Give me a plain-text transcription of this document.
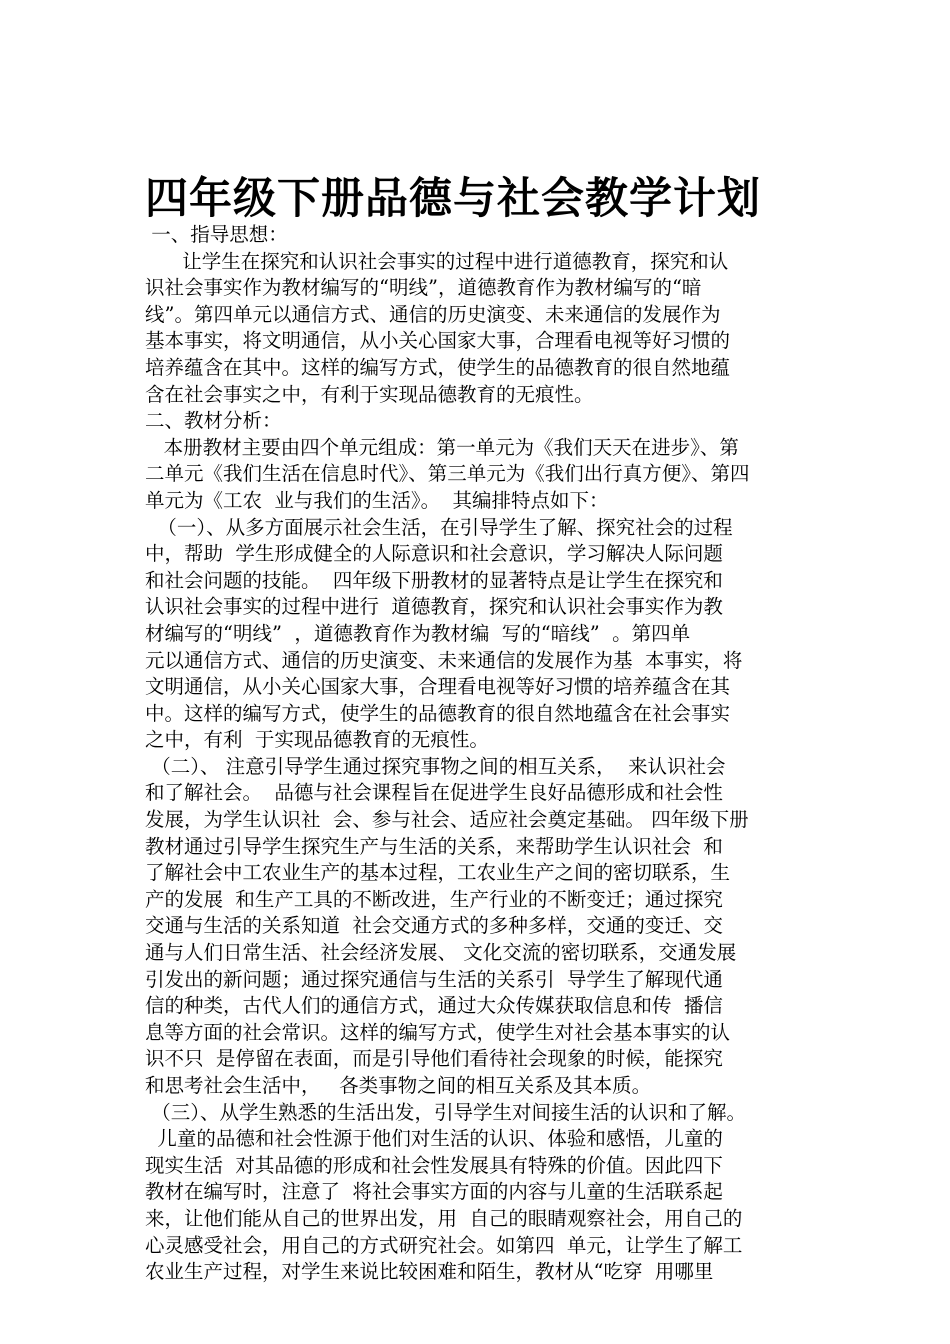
四年级下册品德与社会教学计划
一、指导思想：
让学生在探究和认识社会事实的过程中进行道德教育，探究和认
识社会事实作为教材编写的“明线”，道德教育作为教材编写的“暗
线”。第四单元以通信方式、通信的历史演变、未来通信的发展作为
基本事实，将文明通信，从小关心国家大事，合理看电视等好习惯的
培养蕴含在其中。这样的编写方式，使学生的品德教育的很自然地蕴
含在社会事实之中，有利于实现品德教育的无痕性。
二、教材分析：
本册教材主要由四个单元组成：第一单元为《我们天天在进步》、第
二单元《我们生活在信息时代》、第三单元为《我们出行真方便》、第四
单元为《工农  业与我们的生活》。  其编排特点如下：
（一）、从多方面展示社会生活，在引导学生了解、探究社会的过程
中，帮助  学生形成健全的人际意识和社会意识，学习解决人际问题
和社会问题的技能。  四年级下册教材的显著特点是让学生在探究和
认识社会事实的过程中进行  道德教育，探究和认识社会事实作为教
材编写的“明线”  ，道德教育作为教材编  写的“暗线”  。第四单
元以通信方式、通信的历史演变、未来通信的发展作为基  本事实，将
文明通信，从小关心国家大事，合理看电视等好习惯的培养蕴含在其
中。这样的编写方式，使学生的品德教育的很自然地蕴含在社会事实
之中，有利  于实现品德教育的无痕性。
（二）、 注意引导学生通过探究事物之间的相互关系，  来认识社会
和了解社会。  品德与社会课程旨在促进学生良好品德形成和社会性
发展，为学生认识社  会、参与社会、适应社会奠定基础。 四年级下册
教材通过引导学生探究生产与生活的关系，来帮助学生认识社会  和
了解社会中工农业生产的基本过程，工农业生产之间的密切联系，生
产的发展  和生产工具的不断改进，生产行业的不断变迁；通过探究
交通与生活的关系知道  社会交通方式的多种多样，交通的变迁、交
通与人们日常生活、社会经济发展、 文化交流的密切联系，交通发展
引发出的新问题；通过探究通信与生活的关系引  导学生了解现代通
信的种类，古代人们的通信方式，通过大众传媒获取信息和传  播信
息等方面的社会常识。这样的编写方式，使学生对社会基本事实的认
识不只  是停留在表面，而是引导他们看待社会现象的时候，能探究
和思考社会生活中，   各类事物之间的相互关系及其本质。
（三）、从学生熟悉的生活出发，引导学生对间接生活的认识和了解。
儿童的品德和社会性源于他们对生活的认识、体验和感悟，儿童的
现实生活  对其品德的形成和社会性发展具有特殊的价值。因此四下
教材在编写时，注意了  将社会事实方面的内容与儿童的生活联系起
来，让他们能从自己的世界出发，用  自己的眼睛观察社会，用自己的
心灵感受社会，用自己的方式研究社会。如第四  单元，让学生了解工
农业生产过程，对学生来说比较困难和陌生，教材从“吃穿  用哪里
